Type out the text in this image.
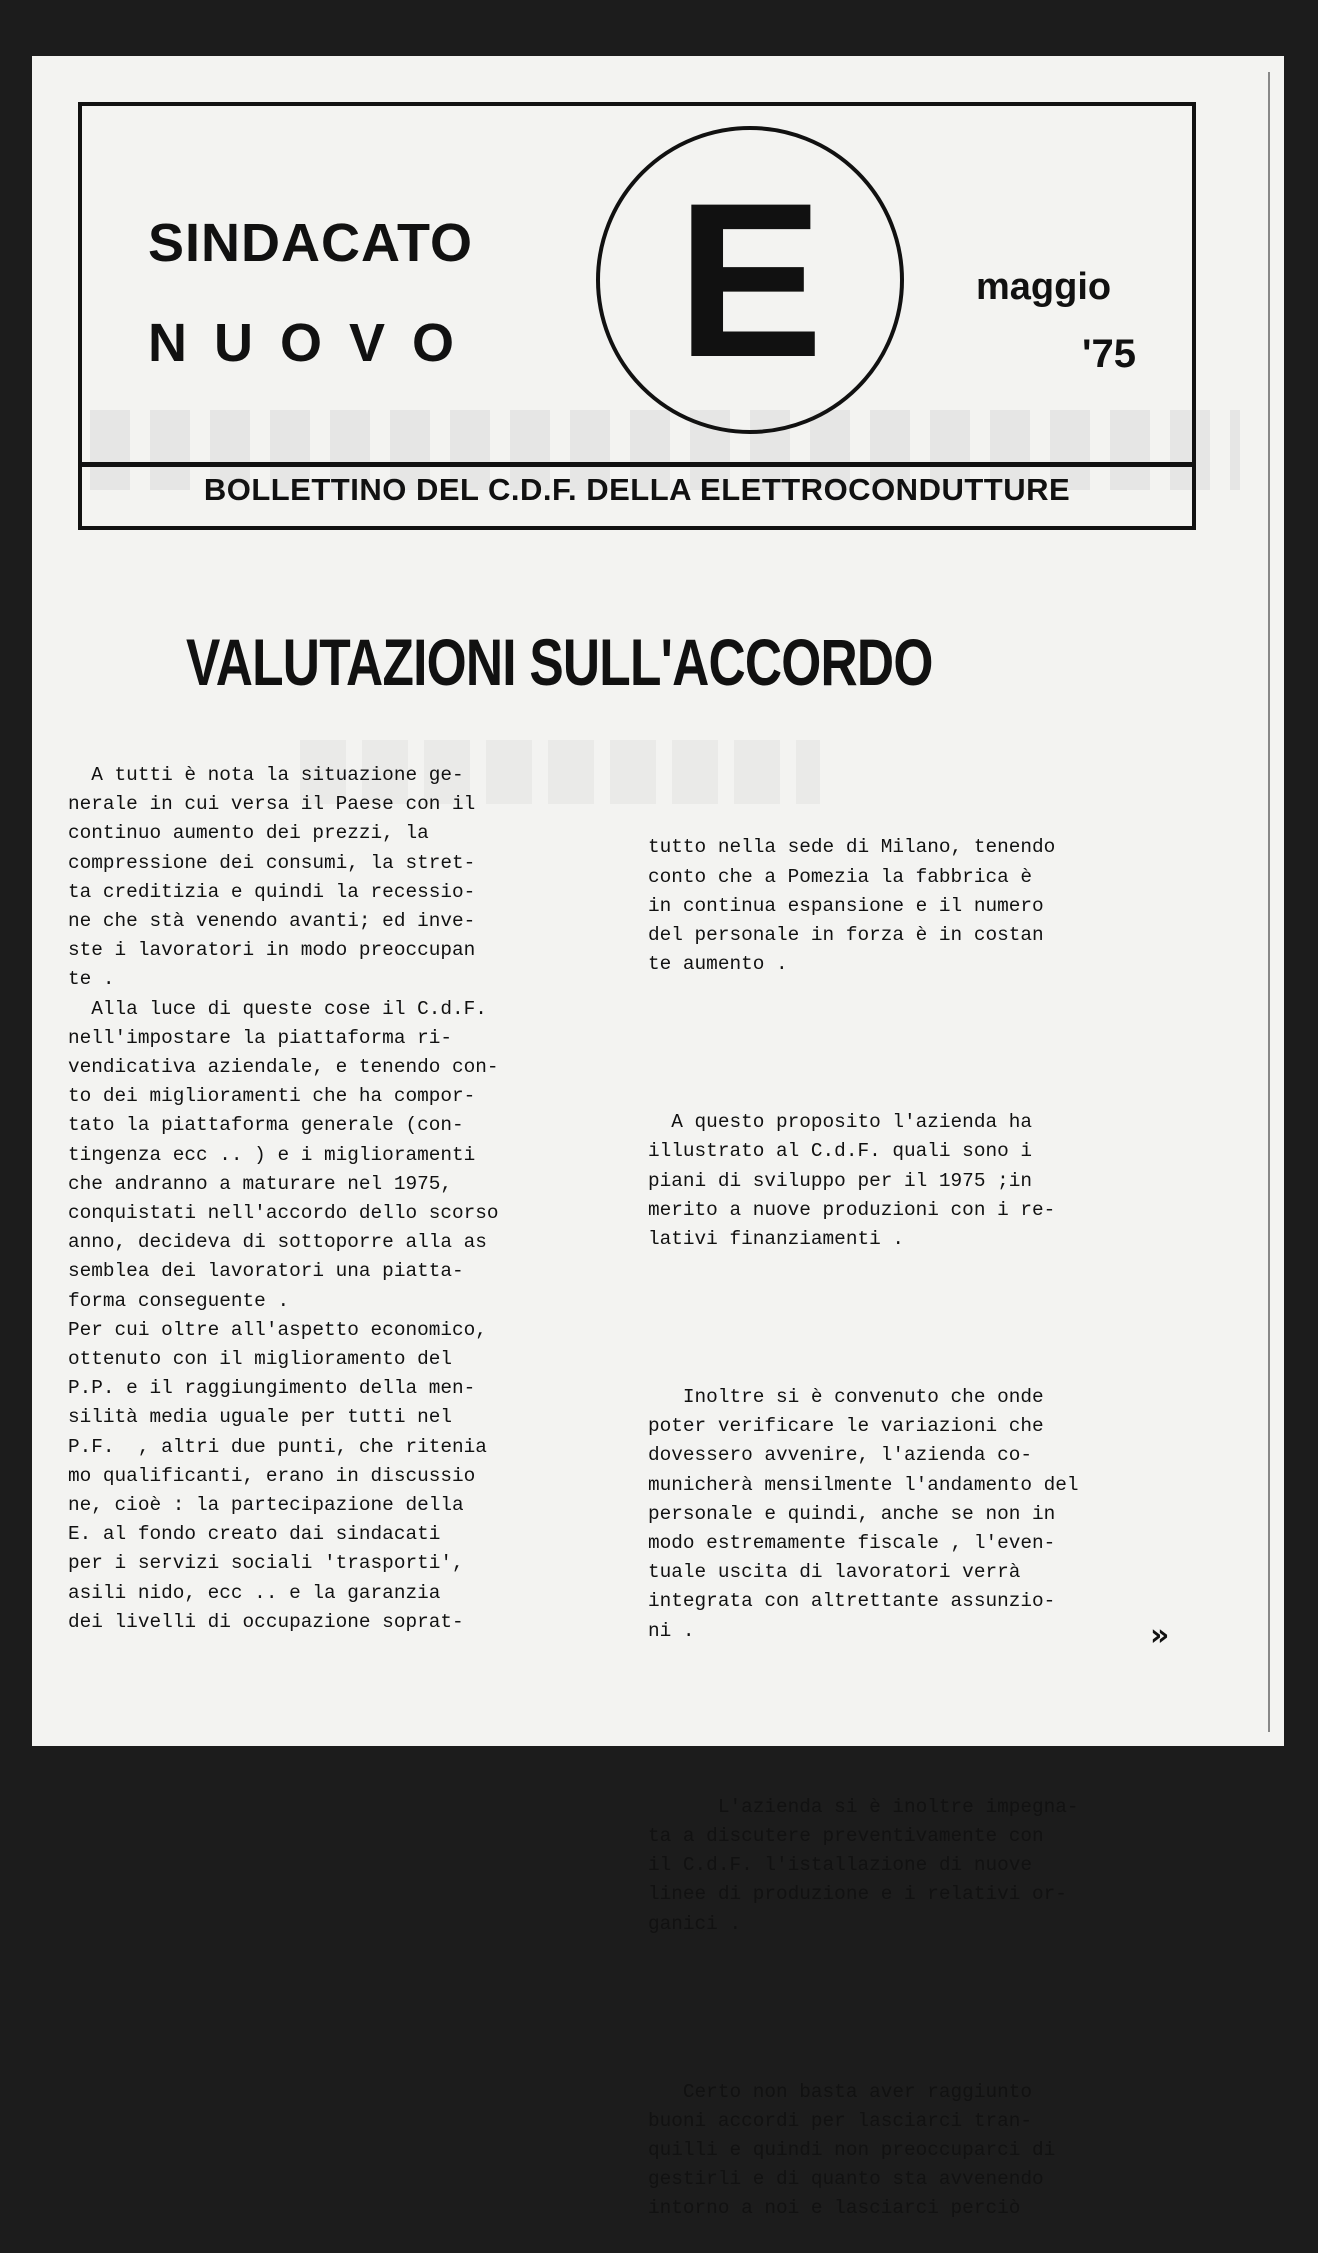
SINDACATO
N U O V O E	maggio
'75
BOLLETTINO DEL C.D.F. DELLA ELETTROCONDUTTURE
VALUTAZIONI SULL'ACCORDO
A tutti è nota la situazione ge-
nerale in cui versa il Paese con il
continuo aumento dei prezzi, la
compressione dei consumi, la stret-
ta creditizia e quindi la recessio-
ne che stà venendo avanti; ed inve-
ste i lavoratori in modo preoccupan
te .
Alla luce di queste cose il C.d.F.
nell'impostare la piattaforma ri-
vendicativa aziendale, e tenendo con-
to dei miglioramenti che ha compor-
tato la piattaforma generale (con-
tingenza ecc .. ) e i miglioramenti
che andranno a maturare nel 1975,
conquistati nell'accordo dello scorso
anno, decideva di sottoporre alla as
semblea dei lavoratori una piatta-
forma conseguente .
Per cui oltre all'aspetto economico,
ottenuto con il miglioramento del
P.P. e il raggiungimento della men-
silità media uguale per tutti nel
P.F.  , altri due punti, che ritenia
mo qualificanti, erano in discussio
ne, cioè : la partecipazione della
E. al fondo creato dai sindacati
per i servizi sociali 'trasporti',
asili nido, ecc .. e la garanzia
dei livelli di occupazione soprat-

tutto nella sede di Milano, tenendo
conto che a Pomezia la fabbrica è
in continua espansione e il numero
del personale in forza è in costan
te aumento .

A questo proposito l'azienda ha
illustrato al C.d.F. quali sono i
piani di sviluppo per il 1975 ;in
merito a nuove produzioni con i re-
lativi finanziamenti .

Inoltre si è convenuto che onde
poter verificare le variazioni che
dovessero avvenire, l'azienda co-
municherà mensilmente l'andamento del
personale e quindi, anche se non in
modo estremamente fiscale , l'even-
tuale uscita di lavoratori verrà
integrata con altrettante assunzio-
ni .

L'azienda si è inoltre impegna-
ta a discutere preventivamente con
il C.d.F. l'istallazione di nuove
linee di produzione e i relativi or-
ganici .

Certo non basta aver raggiunto
buoni accordi per lasciarci tran-
quilli e quindi non preoccuparci di
gestirli e di quanto sta avvenendo
intorno a noi e lasciarci perciò

»
